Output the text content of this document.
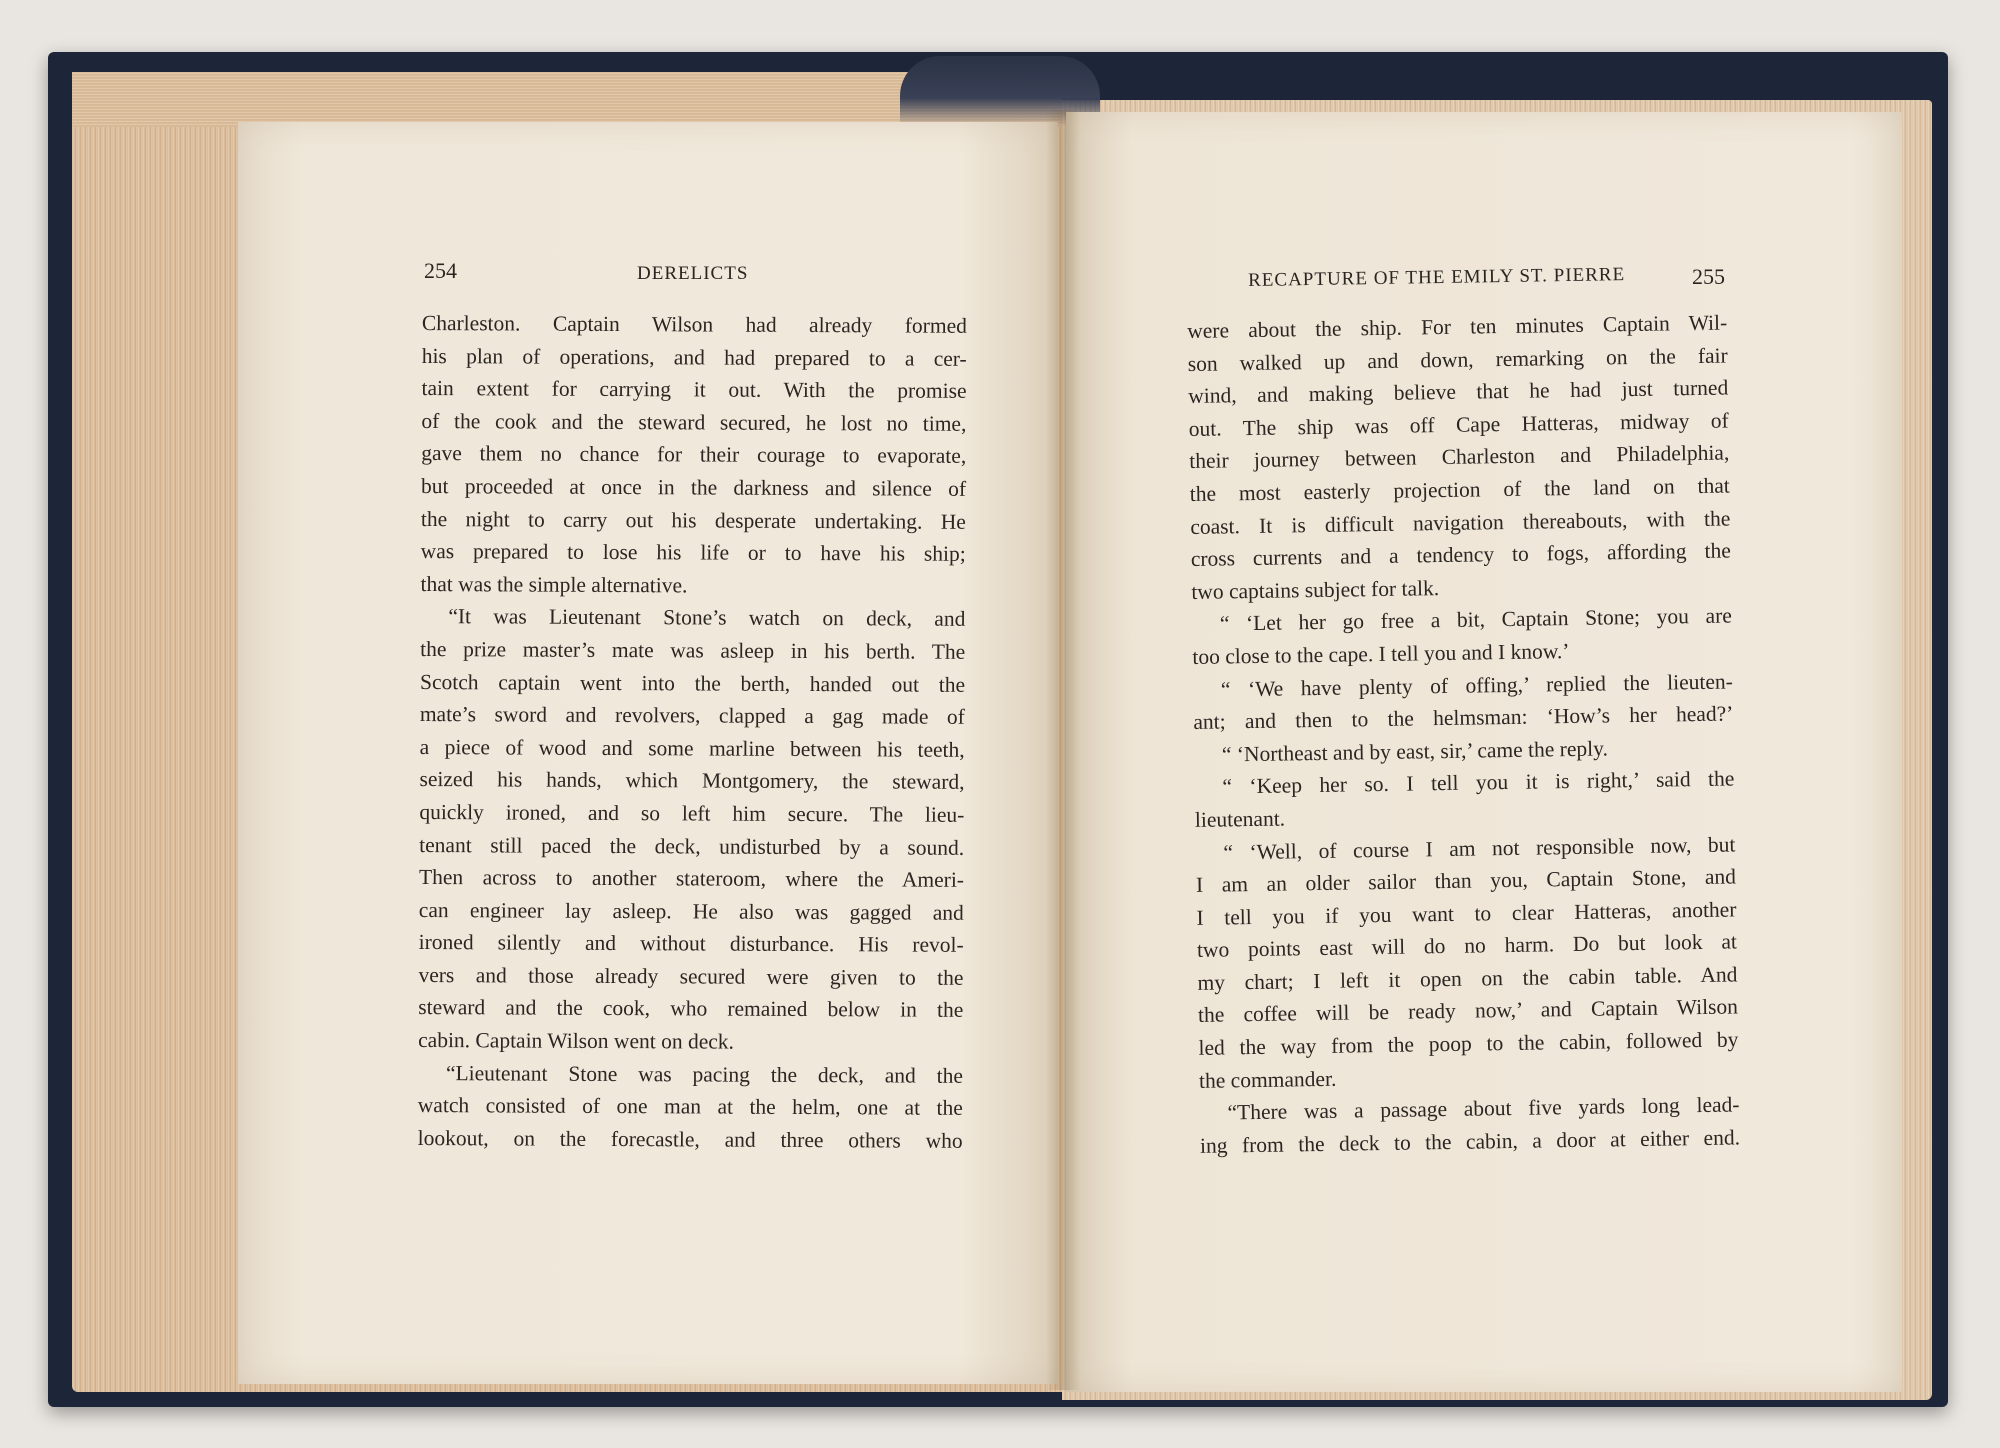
254	DERELICTS	RECAPTURE OF THE EMILY ST. PIERRE	255
Charleston. Captain Wilson had already formed
his plan of operations, and had prepared to a cer-
tain extent for carrying it out. With the promise
of the cook and the steward secured, he lost no time,
gave them no chance for their courage to evaporate,
but proceeded at once in the darkness and silence of
the night to carry out his desperate undertaking. He
was prepared to lose his life or to have his ship;
that was the simple alternative.
“It was Lieutenant Stone’s watch on deck, and
the prize master’s mate was asleep in his berth. The
Scotch captain went into the berth, handed out the
mate’s sword and revolvers, clapped a gag made of
a piece of wood and some marline between his teeth,
seized his hands, which Montgomery, the steward,
quickly ironed, and so left him secure. The lieu-
tenant still paced the deck, undisturbed by a sound.
Then across to another stateroom, where the Ameri-
can engineer lay asleep. He also was gagged and
ironed silently and without disturbance. His revol-
vers and those already secured were given to the
steward and the cook, who remained below in the
cabin. Captain Wilson went on deck.
“Lieutenant Stone was pacing the deck, and the
watch consisted of one man at the helm, one at the
lookout, on the forecastle, and three others who
were about the ship. For ten minutes Captain Wil-
son walked up and down, remarking on the fair
wind, and making believe that he had just turned
out. The ship was off Cape Hatteras, midway of
their journey between Charleston and Philadelphia,
the most easterly projection of the land on that
coast. It is difficult navigation thereabouts, with the
cross currents and a tendency to fogs, affording the
two captains subject for talk.
“ ‘Let her go free a bit, Captain Stone; you are
too close to the cape. I tell you and I know.’
“ ‘We have plenty of offing,’ replied the lieuten-
ant; and then to the helmsman: ‘How’s her head?’
“ ‘Northeast and by east, sir,’ came the reply.
“ ‘Keep her so. I tell you it is right,’ said the
lieutenant.
“ ‘Well, of course I am not responsible now, but
I am an older sailor than you, Captain Stone, and
I tell you if you want to clear Hatteras, another
two points east will do no harm. Do but look at
my chart; I left it open on the cabin table. And
the coffee will be ready now,’ and Captain Wilson
led the way from the poop to the cabin, followed by
the commander.
“There was a passage about five yards long lead-
ing from the deck to the cabin, a door at either end.
